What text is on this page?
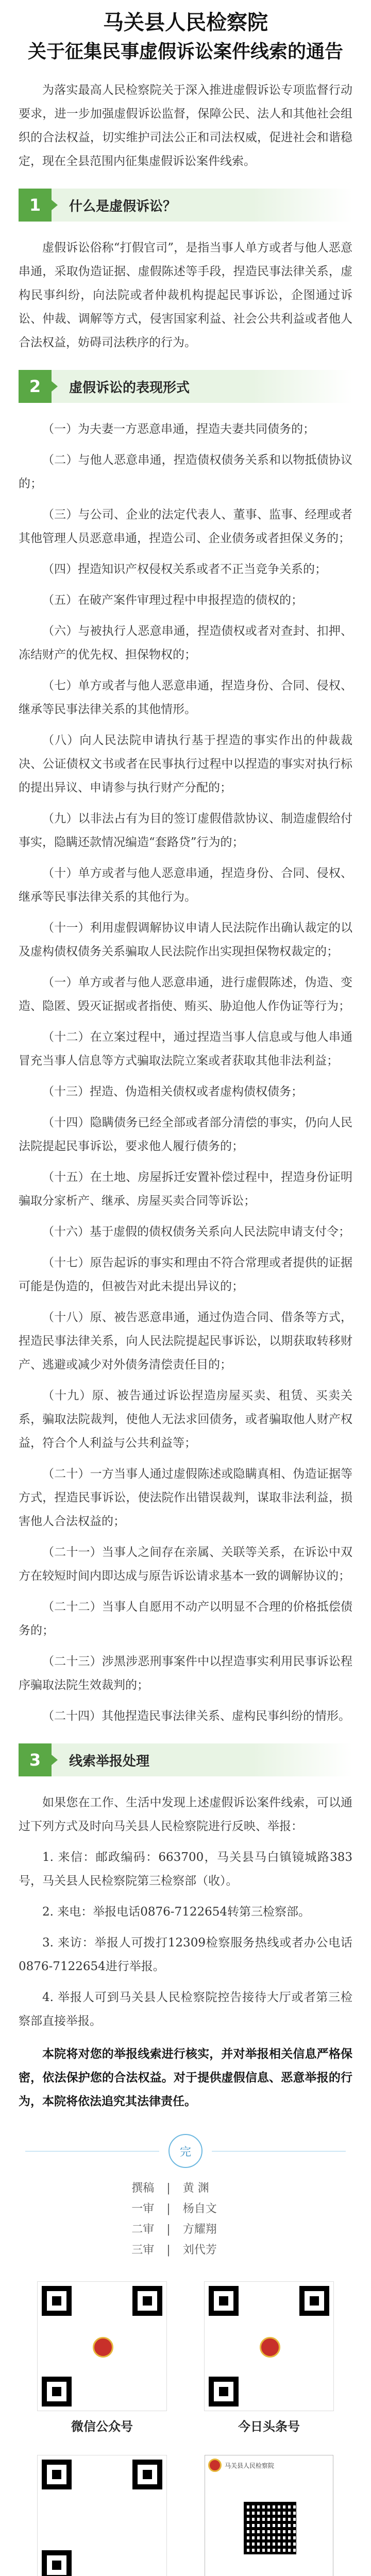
马关县人民检察院
关于征集民事虚假诉讼案件线索的通告

为落实最高人民检察院关于深入推进虚假诉讼专项监督行动要求，进一步加强虚假诉讼监督，保障公民、法人和其他社会组织的合法权益，切实维护司法公正和司法权威，促进社会和谐稳定，现在全县范围内征集虚假诉讼案件线索。

1	什么是虚假诉讼？

虚假诉讼俗称“打假官司”，是指当事人单方或者与他人恶意串通，采取伪造证据、虚假陈述等手段，捏造民事法律关系，虚构民事纠纷，向法院或者仲裁机构提起民事诉讼，企图通过诉讼、仲裁、调解等方式，侵害国家利益、社会公共利益或者他人合法权益，妨碍司法秩序的行为。

2	虚假诉讼的表现形式

（一）为夫妻一方恶意串通，捏造夫妻共同债务的；

（二）与他人恶意串通，捏造债权债务关系和以物抵债协议的；

（三）与公司、企业的法定代表人、董事、监事、经理或者其他管理人员恶意串通，捏造公司、企业债务或者担保义务的；

（四）捏造知识产权侵权关系或者不正当竞争关系的；

（五）在破产案件审理过程中申报捏造的债权的；

（六）与被执行人恶意串通，捏造债权或者对查封、扣押、冻结财产的优先权、担保物权的；

（七）单方或者与他人恶意串通，捏造身份、合同、侵权、继承等民事法律关系的其他情形。

（八）向人民法院申请执行基于捏造的事实作出的仲裁裁决、公证债权文书或者在民事执行过程中以捏造的事实对执行标的提出异议、申请参与执行财产分配的；

（九）以非法占有为目的签订虚假借款协议、制造虚假给付事实，隐瞒还款情况编造“套路贷”行为的；

（十）单方或者与他人恶意串通，捏造身份、合同、侵权、继承等民事法律关系的其他行为。

（十一）利用虚假调解协议申请人民法院作出确认裁定的以及虚构债权债务关系骗取人民法院作出实现担保物权裁定的；

（一）单方或者与他人恶意串通，进行虚假陈述，伪造、变造、隐匿、毁灭证据或者指使、贿买、胁迫他人作伪证等行为；

（十二）在立案过程中，通过捏造当事人信息或与他人串通冒充当事人信息等方式骗取法院立案或者获取其他非法利益；

（十三）捏造、伪造相关债权或者虚构债权债务；

（十四）隐瞒债务已经全部或者部分清偿的事实，仍向人民法院提起民事诉讼，要求他人履行债务的；

（十五）在土地、房屋拆迁安置补偿过程中，捏造身份证明骗取分家析产、继承、房屋买卖合同等诉讼；

（十六）基于虚假的债权债务关系向人民法院申请支付令；

（十七）原告起诉的事实和理由不符合常理或者提供的证据可能是伪造的，但被告对此未提出异议的；

（十八）原、被告恶意串通，通过伪造合同、借条等方式，捏造民事法律关系，向人民法院提起民事诉讼，以期获取转移财产、逃避或减少对外债务清偿责任目的；

（十九）原、被告通过诉讼捏造房屋买卖、租赁、买卖关系，骗取法院裁判，使他人无法求回债务，或者骗取他人财产权益，符合个人利益与公共利益等；

（二十）一方当事人通过虚假陈述或隐瞒真相、伪造证据等方式，捏造民事诉讼，使法院作出错误裁判，谋取非法利益，损害他人合法权益的；

（二十一）当事人之间存在亲属、关联等关系，在诉讼中双方在较短时间内即达成与原告诉讼请求基本一致的调解协议的；

（二十二）当事人自愿用不动产以明显不合理的价格抵偿债务的；

（二十三）涉黑涉恶刑事案件中以捏造事实利用民事诉讼程序骗取法院生效裁判的；

（二十四）其他捏造民事法律关系、虚构民事纠纷的情形。

3	线索举报处理

如果您在工作、生活中发现上述虚假诉讼案件线索，可以通过下列方式及时向马关县人民检察院进行反映、举报：

1. 来信：邮政编码：663700，马关县马白镇镜城路383号，马关县人民检察院第三检察部（收）。

2. 来电：举报电话0876-7122654转第三检察部。

3. 来访：举报人可拨打12309检察服务热线或者办公电话0876-7122654进行举报。

4. 举报人可到马关县人民检察院控告接待大厅或者第三检察部直接举报。

本院将对您的举报线索进行核实，并对举报相关信息严格保密，依法保护您的合法权益。对于提供虚假信息、恶意举报的行为，本院将依法追究其法律责任。

完
撰稿 | 黄 渊
一审 | 杨自文
二审 | 方耀翔
三审 | 刘代芳
微信公众号	今日头条号
马关县人民检察院
